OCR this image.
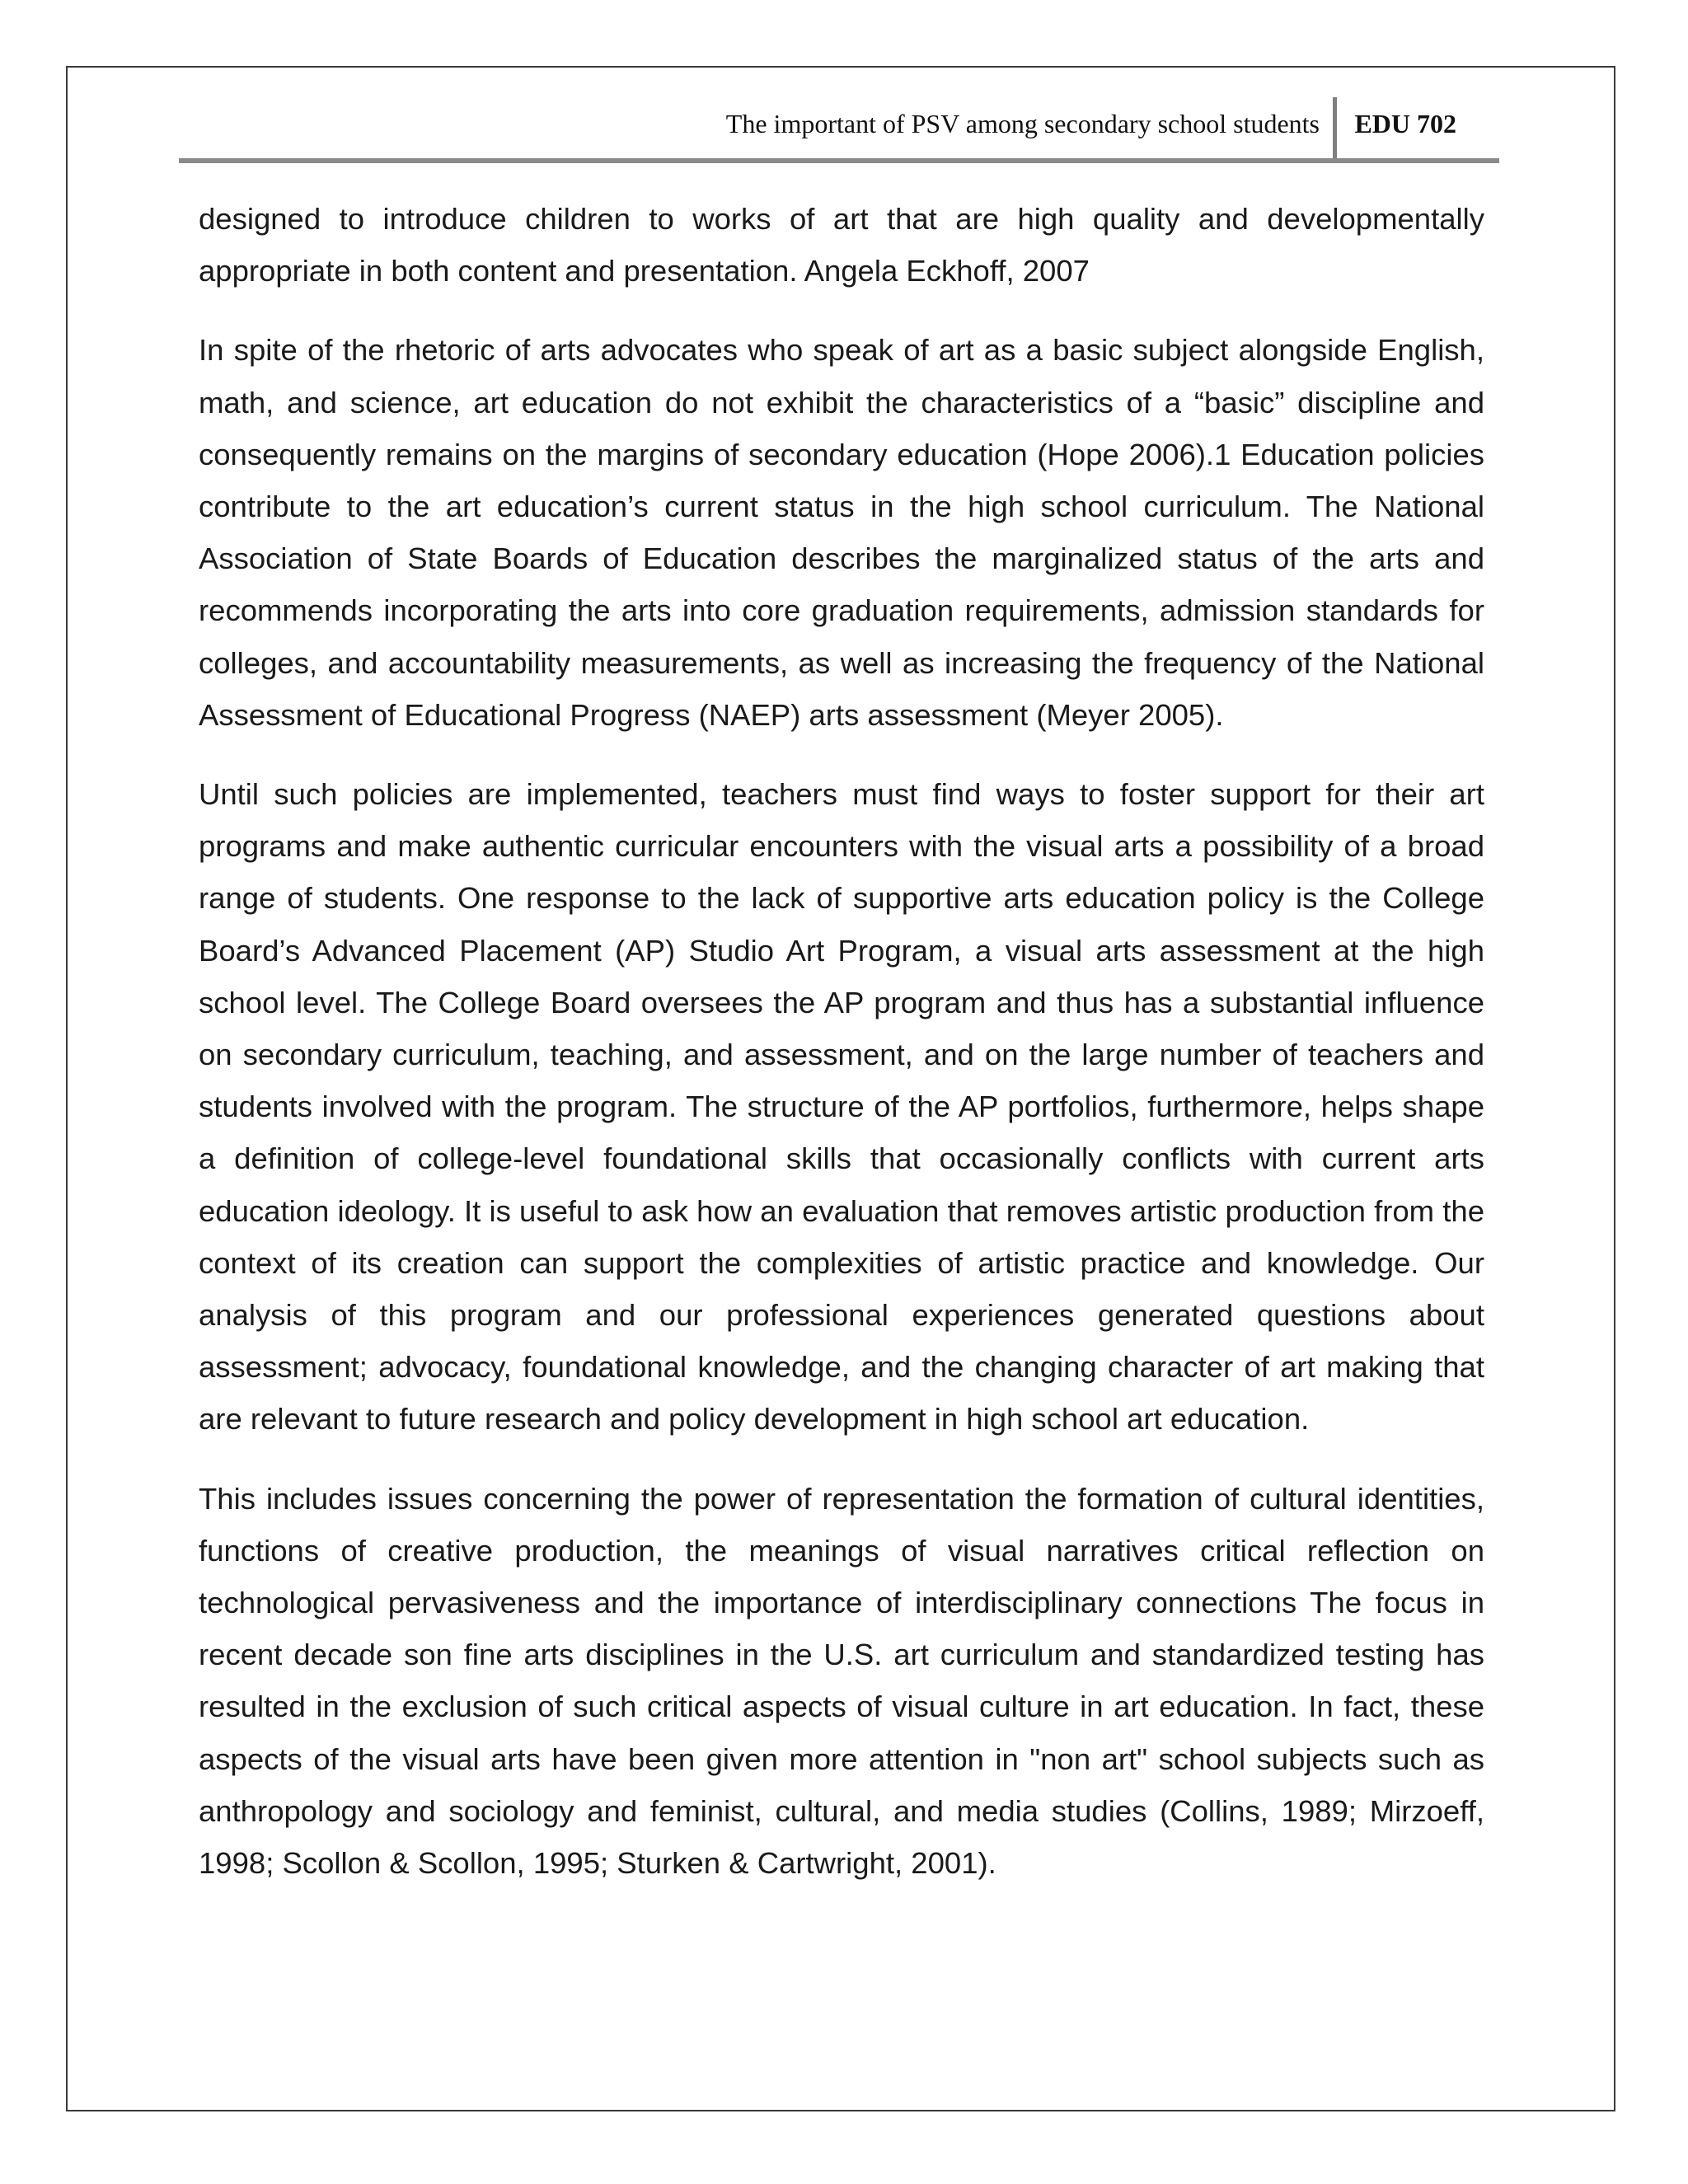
The important of PSV among secondary school students EDU 702

designed to introduce children to works of art that are high quality and developmentally appropriate in both content and presentation. Angela Eckhoff, 2007

In spite of the rhetoric of arts advocates who speak of art as a basic subject alongside English, math, and science, art education do not exhibit the characteristics of a “basic” discipline and consequently remains on the margins of secondary education (Hope 2006).1 Education policies contribute to the art education’s current status in the high school curriculum. The National Association of State Boards of Education describes the marginalized status of the arts and recommends incorporating the arts into core graduation requirements, admission standards for colleges, and accountability measurements, as well as increasing the frequency of the National Assessment of Educational Progress (NAEP) arts assessment (Meyer 2005).

Until such policies are implemented, teachers must find ways to foster support for their art programs and make authentic curricular encounters with the visual arts a possibility of a broad range of students. One response to the lack of supportive arts education policy is the College Board’s Advanced Placement (AP) Studio Art Program, a visual arts assessment at the high school level. The College Board oversees the AP program and thus has a substantial influence on secondary curriculum, teaching, and assessment, and on the large number of teachers and students involved with the program. The structure of the AP portfolios, furthermore, helps shape a definition of college-level foundational skills that occasionally conflicts with current arts education ideology. It is useful to ask how an evaluation that removes artistic production from the context of its creation can support the complexities of artistic practice and knowledge. Our analysis of this program and our professional experiences generated questions about assessment; advocacy, foundational knowledge, and the changing character of art making that are relevant to future research and policy development in high school art education.

This includes issues concerning the power of representation the formation of cultural identities, functions of creative production, the meanings of visual narratives critical reflection on technological pervasiveness and the importance of interdisciplinary connections The focus in recent decade son fine arts disciplines in the U.S. art curriculum and standardized testing has resulted in the exclusion of such critical aspects of visual culture in art education. In fact, these aspects of the visual arts have been given more attention in "non art" school subjects such as anthropology and sociology and feminist, cultural, and media studies (Collins, 1989; Mirzoeff, 1998; Scollon & Scollon, 1995; Sturken & Cartwright, 2001).
